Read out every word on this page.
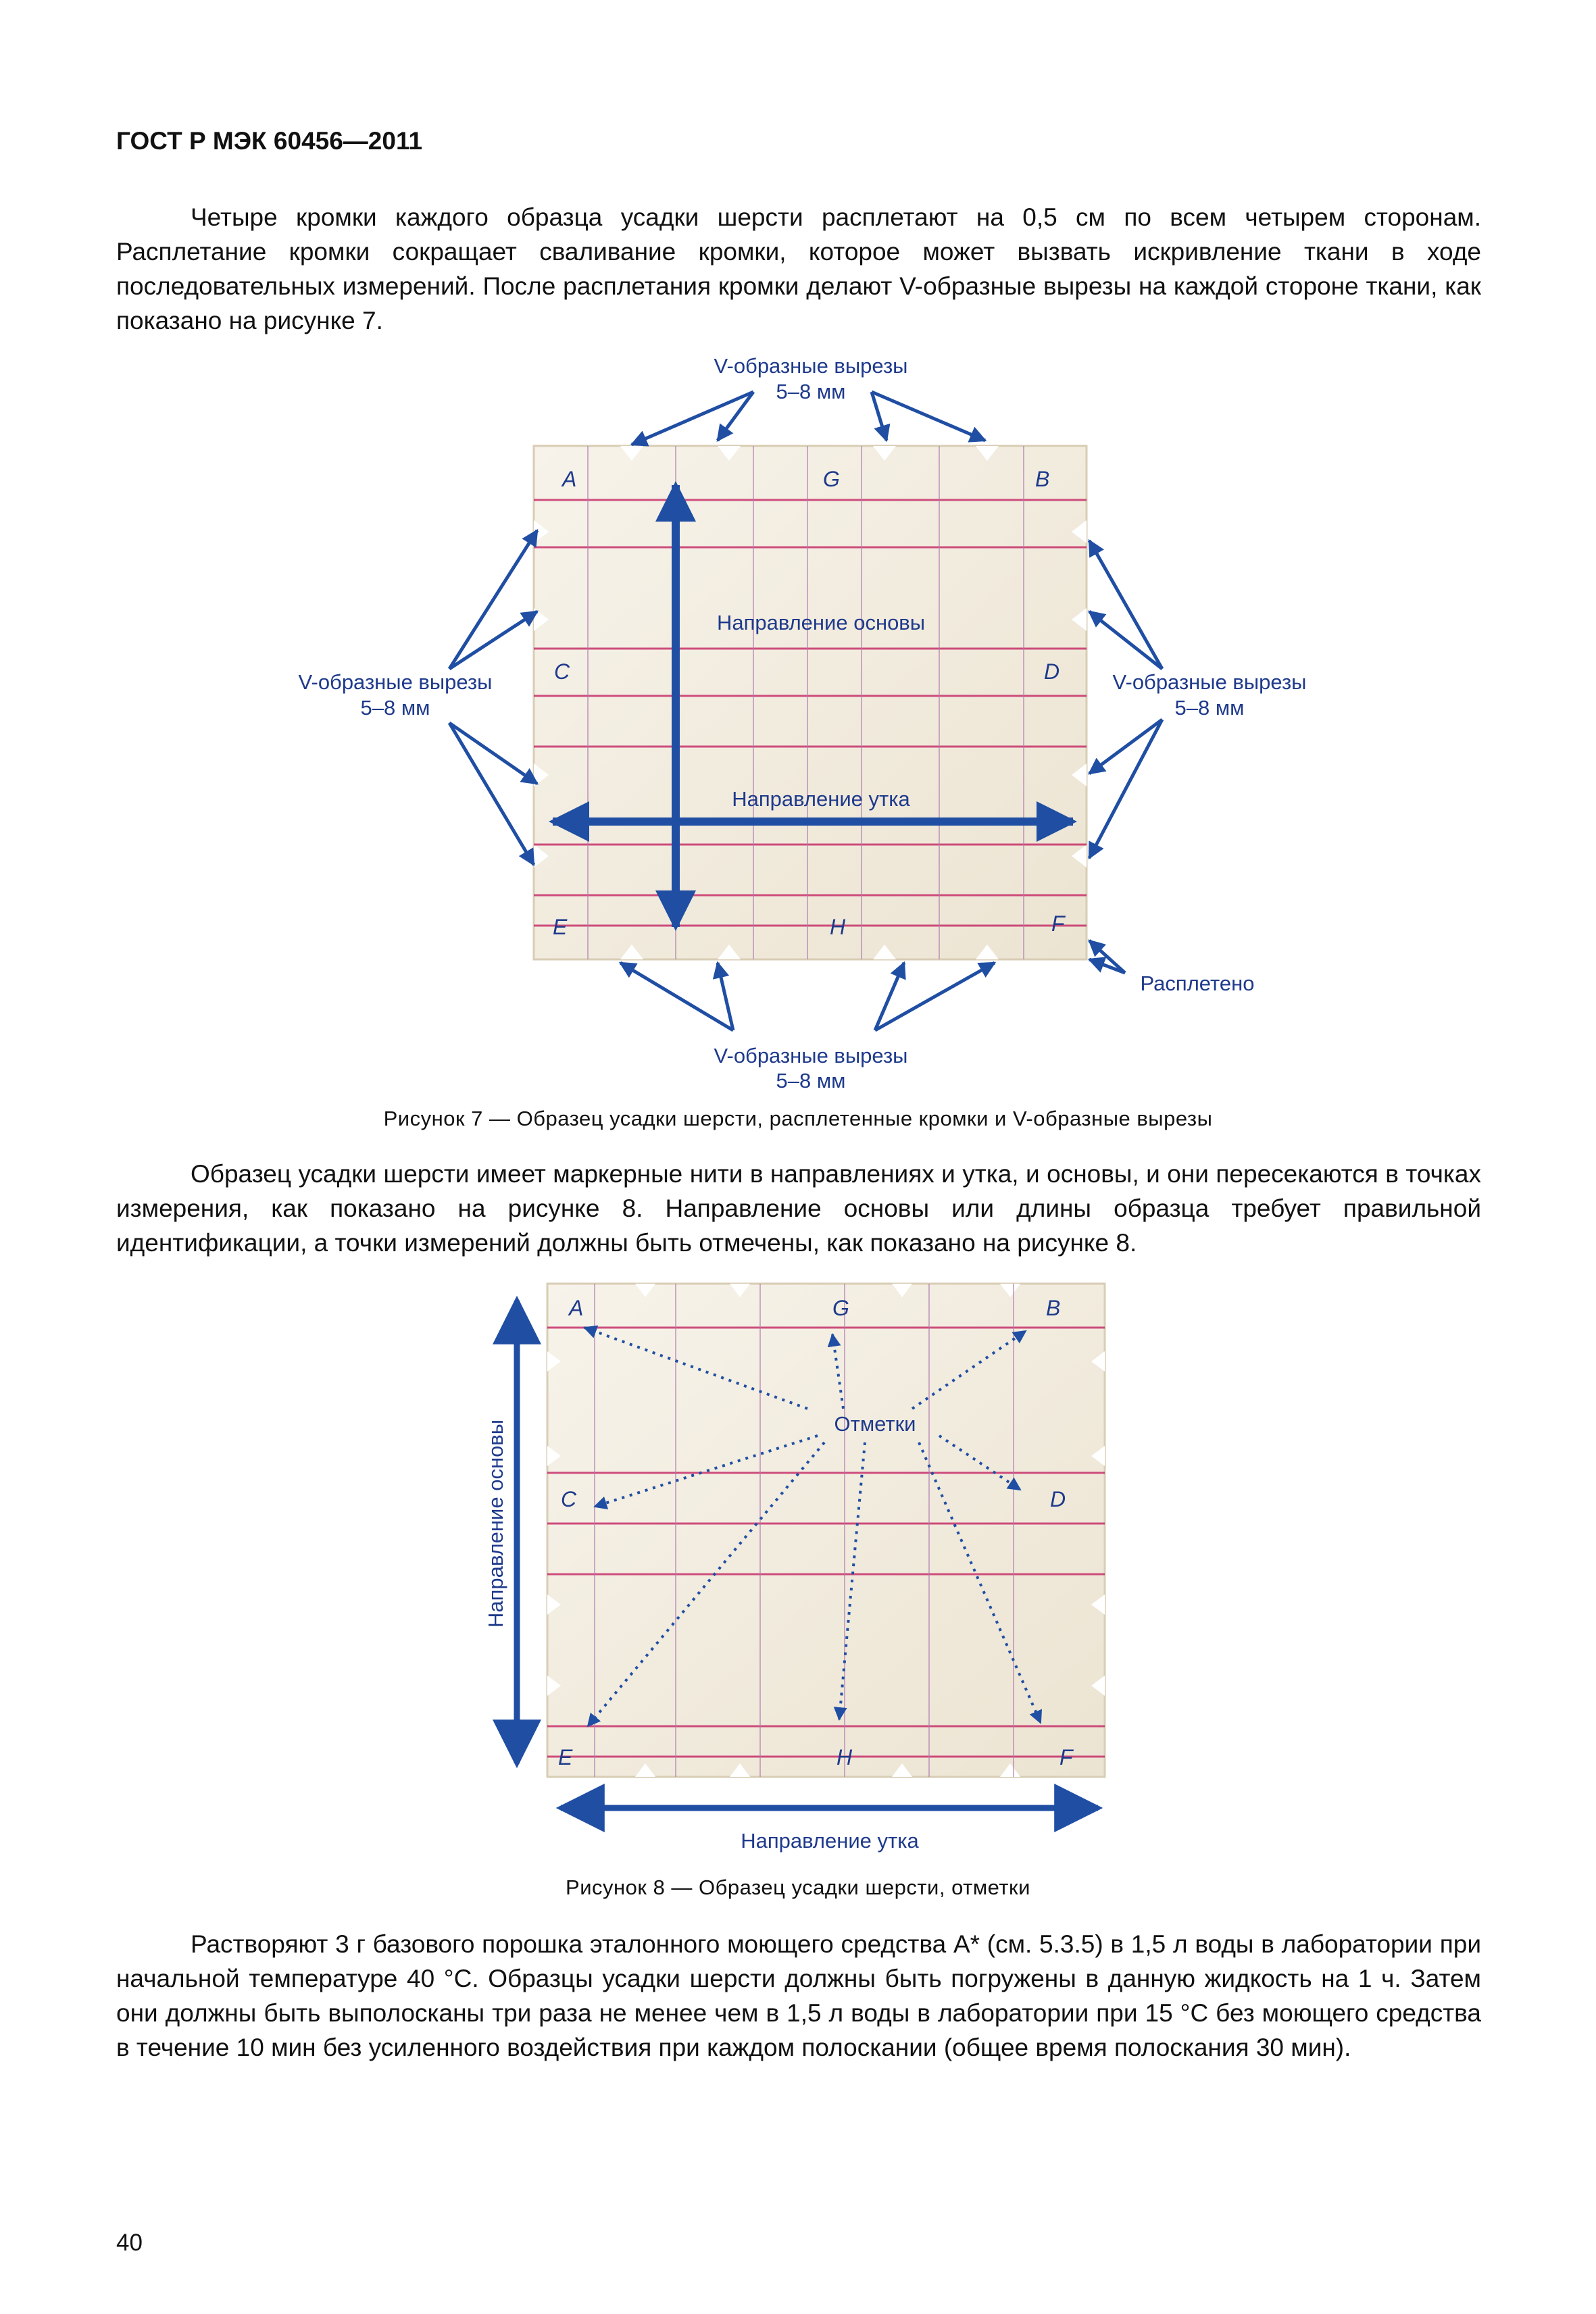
ГОСТ Р МЭК 60456—2011

Четыре кромки каждого образца усадки шерсти расплетают на 0,5 см по всем четырем сторонам. Расплетание кромки сокращает сваливание кромки, которое может вызвать искривление ткани в ходе последовательных измерений. После расплетания кромки делают V-образные вырезы на каждой стороне ткани, как показано на рисунке 7.

A	G	B
C	D
E	H	F
Направление основы
Направление утка
V-образные вырезы
5–8 мм
V-образные вырезы
5–8 мм
V-образные вырезы
5–8 мм
V-образные вырезы
5–8 мм
Расплетено
Рисунок 7 — Образец усадки шерсти, расплетенные кромки и V-образные вырезы

Образец усадки шерсти имеет маркерные нити в направлениях и утка, и основы, и они пересекаются в точках измерения, как показано на рисунке 8. Направление основы или длины образца требует правильной идентификации, а точки измерений должны быть отмечены, как показано на рисунке 8.

A	G	B
C	D
E	H	F
Отметки
Направление основы
Направление утка
Рисунок 8 — Образец усадки шерсти, отметки

Растворяют 3 г базового порошка эталонного моющего средства А* (см. 5.3.5) в 1,5 л воды в лаборатории при начальной температуре 40 °С. Образцы усадки шерсти должны быть погружены в данную жидкость на 1 ч. Затем они должны быть выполосканы три раза не менее чем в 1,5 л воды в лаборатории при 15 °С без моющего средства в течение 10 мин без усиленного воздействия при каждом полоскании (общее время полоскания 30 мин).

40
